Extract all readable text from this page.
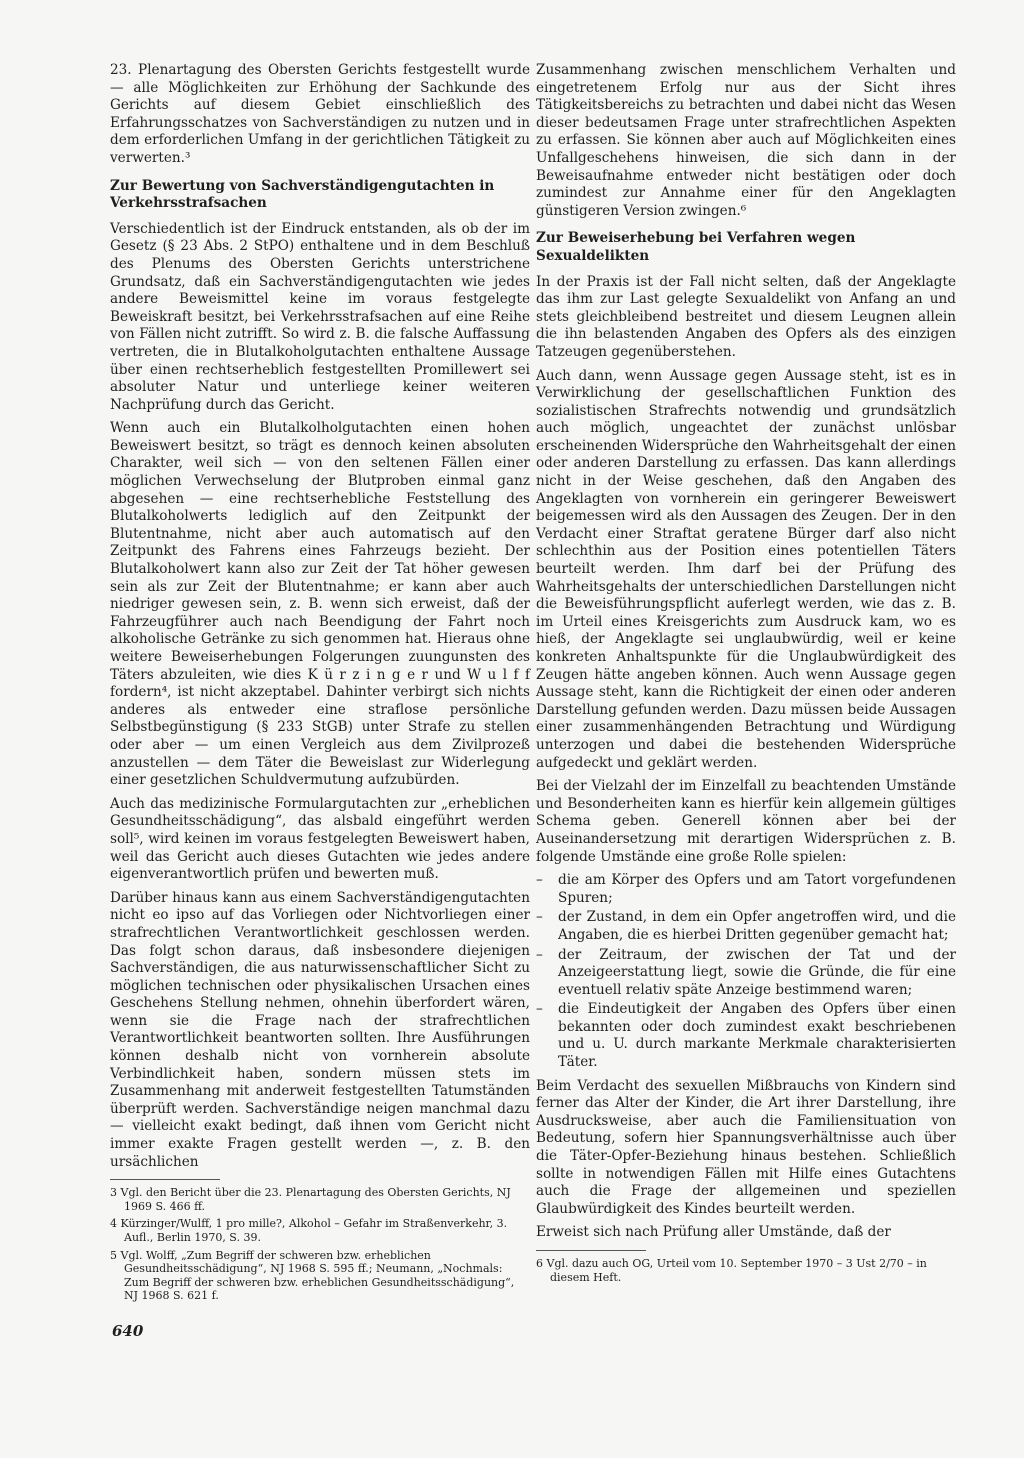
23. Plenartagung des Obersten Gerichts festgestellt wurde — alle Möglichkeiten zur Erhöhung der Sachkunde des Gerichts auf diesem Gebiet einschließlich des Erfahrungsschatzes von Sachverständigen zu nutzen und in dem erforderlichen Umfang in der gerichtlichen Tätigkeit zu verwerten.³

Zur Bewertung von Sachverständigengutachten in Verkehrsstrafsachen

Verschiedentlich ist der Eindruck entstanden, als ob der im Gesetz (§ 23 Abs. 2 StPO) enthaltene und in dem Beschluß des Plenums des Obersten Gerichts unterstrichene Grundsatz, daß ein Sachverständigengutachten wie jedes andere Beweismittel keine im voraus festgelegte Beweiskraft besitzt, bei Verkehrsstrafsachen auf eine Reihe von Fällen nicht zutrifft. So wird z. B. die falsche Auffassung vertreten, die in Blutalkoholgutachten enthaltene Aussage über einen rechtserheblich festgestellten Promillewert sei absoluter Natur und unterliege keiner weiteren Nachprüfung durch das Gericht.

Wenn auch ein Blutalkolholgutachten einen hohen Beweiswert besitzt, so trägt es dennoch keinen absoluten Charakter, weil sich — von den seltenen Fällen einer möglichen Verwechselung der Blutproben einmal ganz abgesehen — eine rechtserhebliche Feststellung des Blutalkoholwerts lediglich auf den Zeitpunkt der Blutentnahme, nicht aber auch automatisch auf den Zeitpunkt des Fahrens eines Fahrzeugs bezieht. Der Blutalkoholwert kann also zur Zeit der Tat höher gewesen sein als zur Zeit der Blutentnahme; er kann aber auch niedriger gewesen sein, z. B. wenn sich erweist, daß der Fahrzeugführer auch nach Beendigung der Fahrt noch alkoholische Getränke zu sich genommen hat. Hieraus ohne weitere Beweiserhebungen Folgerungen zuungunsten des Täters abzuleiten, wie dies K ü r z i n g e r und W u l f f fordern⁴, ist nicht akzeptabel. Dahinter verbirgt sich nichts anderes als entweder eine straflose persönliche Selbstbegünstigung (§ 233 StGB) unter Strafe zu stellen oder aber — um einen Vergleich aus dem Zivilprozeß anzustellen — dem Täter die Beweislast zur Widerlegung einer gesetzlichen Schuldvermutung aufzubürden.

Auch das medizinische Formulargutachten zur „erheblichen Gesundheitsschädigung“, das alsbald eingeführt werden soll⁵, wird keinen im voraus festgelegten Beweiswert haben, weil das Gericht auch dieses Gutachten wie jedes andere eigenverantwortlich prüfen und bewerten muß.

Darüber hinaus kann aus einem Sachverständigengutachten nicht eo ipso auf das Vorliegen oder Nichtvorliegen einer strafrechtlichen Verantwortlichkeit geschlossen werden. Das folgt schon daraus, daß insbesondere diejenigen Sachverständigen, die aus naturwissenschaftlicher Sicht zu möglichen technischen oder physikalischen Ursachen eines Geschehens Stellung nehmen, ohnehin überfordert wären, wenn sie die Frage nach der strafrechtlichen Verantwortlichkeit beantworten sollten. Ihre Ausführungen können deshalb nicht von vornherein absolute Verbindlichkeit haben, sondern müssen stets im Zusammenhang mit anderweit festgestellten Tatumständen überprüft werden. Sachverständige neigen manchmal dazu — vielleicht exakt bedingt, daß ihnen vom Gericht nicht immer exakte Fragen gestellt werden —, z. B. den ursächlichen

3 Vgl. den Bericht über die 23. Plenartagung des Obersten Gerichts, NJ 1969 S. 466 ff.

4 Kürzinger/Wulff, 1 pro mille?, Alkohol – Gefahr im Straßenverkehr, 3. Aufl., Berlin 1970, S. 39.

5 Vgl. Wolff, „Zum Begriff der schweren bzw. erheblichen Gesundheitsschädigung“, NJ 1968 S. 595 ff.; Neumann, „Nochmals: Zum Begriff der schweren bzw. erheblichen Gesundheitsschädigung“, NJ 1968 S. 621 f.

Zusammenhang zwischen menschlichem Verhalten und eingetretenem Erfolg nur aus der Sicht ihres Tätigkeitsbereichs zu betrachten und dabei nicht das Wesen dieser bedeutsamen Frage unter strafrechtlichen Aspekten zu erfassen. Sie können aber auch auf Möglichkeiten eines Unfallgeschehens hinweisen, die sich dann in der Beweisaufnahme entweder nicht bestätigen oder doch zumindest zur Annahme einer für den Angeklagten günstigeren Version zwingen.⁶

Zur Beweiserhebung bei Verfahren wegen Sexualdelikten

In der Praxis ist der Fall nicht selten, daß der Angeklagte das ihm zur Last gelegte Sexualdelikt von Anfang an und stets gleichbleibend bestreitet und diesem Leugnen allein die ihn belastenden Angaben des Opfers als des einzigen Tatzeugen gegenüberstehen.

Auch dann, wenn Aussage gegen Aussage steht, ist es in Verwirklichung der gesellschaftlichen Funktion des sozialistischen Strafrechts notwendig und grundsätzlich auch möglich, ungeachtet der zunächst unlösbar erscheinenden Widersprüche den Wahrheitsgehalt der einen oder anderen Darstellung zu erfassen. Das kann allerdings nicht in der Weise geschehen, daß den Angaben des Angeklagten von vornherein ein geringerer Beweiswert beigemessen wird als den Aussagen des Zeugen. Der in den Verdacht einer Straftat geratene Bürger darf also nicht schlechthin aus der Position eines potentiellen Täters beurteilt werden. Ihm darf bei der Prüfung des Wahrheitsgehalts der unterschiedlichen Darstellungen nicht die Beweisführungspflicht auferlegt werden, wie das z. B. im Urteil eines Kreisgerichts zum Ausdruck kam, wo es hieß, der Angeklagte sei unglaubwürdig, weil er keine konkreten Anhaltspunkte für die Unglaubwürdigkeit des Zeugen hätte angeben können. Auch wenn Aussage gegen Aussage steht, kann die Richtigkeit der einen oder anderen Darstellung gefunden werden. Dazu müssen beide Aussagen einer zusammenhängenden Betrachtung und Würdigung unterzogen und dabei die bestehenden Widersprüche aufgedeckt und geklärt werden.

Bei der Vielzahl der im Einzelfall zu beachtenden Umstände und Besonderheiten kann es hierfür kein allgemein gültiges Schema geben. Generell können aber bei der Auseinandersetzung mit derartigen Widersprüchen z. B. folgende Umstände eine große Rolle spielen:

– die am Körper des Opfers und am Tatort vorgefundenen Spuren;
– der Zustand, in dem ein Opfer angetroffen wird, und die Angaben, die es hierbei Dritten gegenüber gemacht hat;
– der Zeitraum, der zwischen der Tat und der Anzeigeerstattung liegt, sowie die Gründe, die für eine eventuell relativ späte Anzeige bestimmend waren;
– die Eindeutigkeit der Angaben des Opfers über einen bekannten oder doch zumindest exakt beschriebenen und u. U. durch markante Merkmale charakterisierten Täter.

Beim Verdacht des sexuellen Mißbrauchs von Kindern sind ferner das Alter der Kinder, die Art ihrer Darstellung, ihre Ausdrucksweise, aber auch die Familiensituation von Bedeutung, sofern hier Spannungsverhältnisse auch über die Täter-Opfer-Beziehung hinaus bestehen. Schließlich sollte in notwendigen Fällen mit Hilfe eines Gutachtens auch die Frage der allgemeinen und speziellen Glaubwürdigkeit des Kindes beurteilt werden.

Erweist sich nach Prüfung aller Umstände, daß der

6 Vgl. dazu auch OG, Urteil vom 10. September 1970 – 3 Ust 2/70 – in diesem Heft.

640
